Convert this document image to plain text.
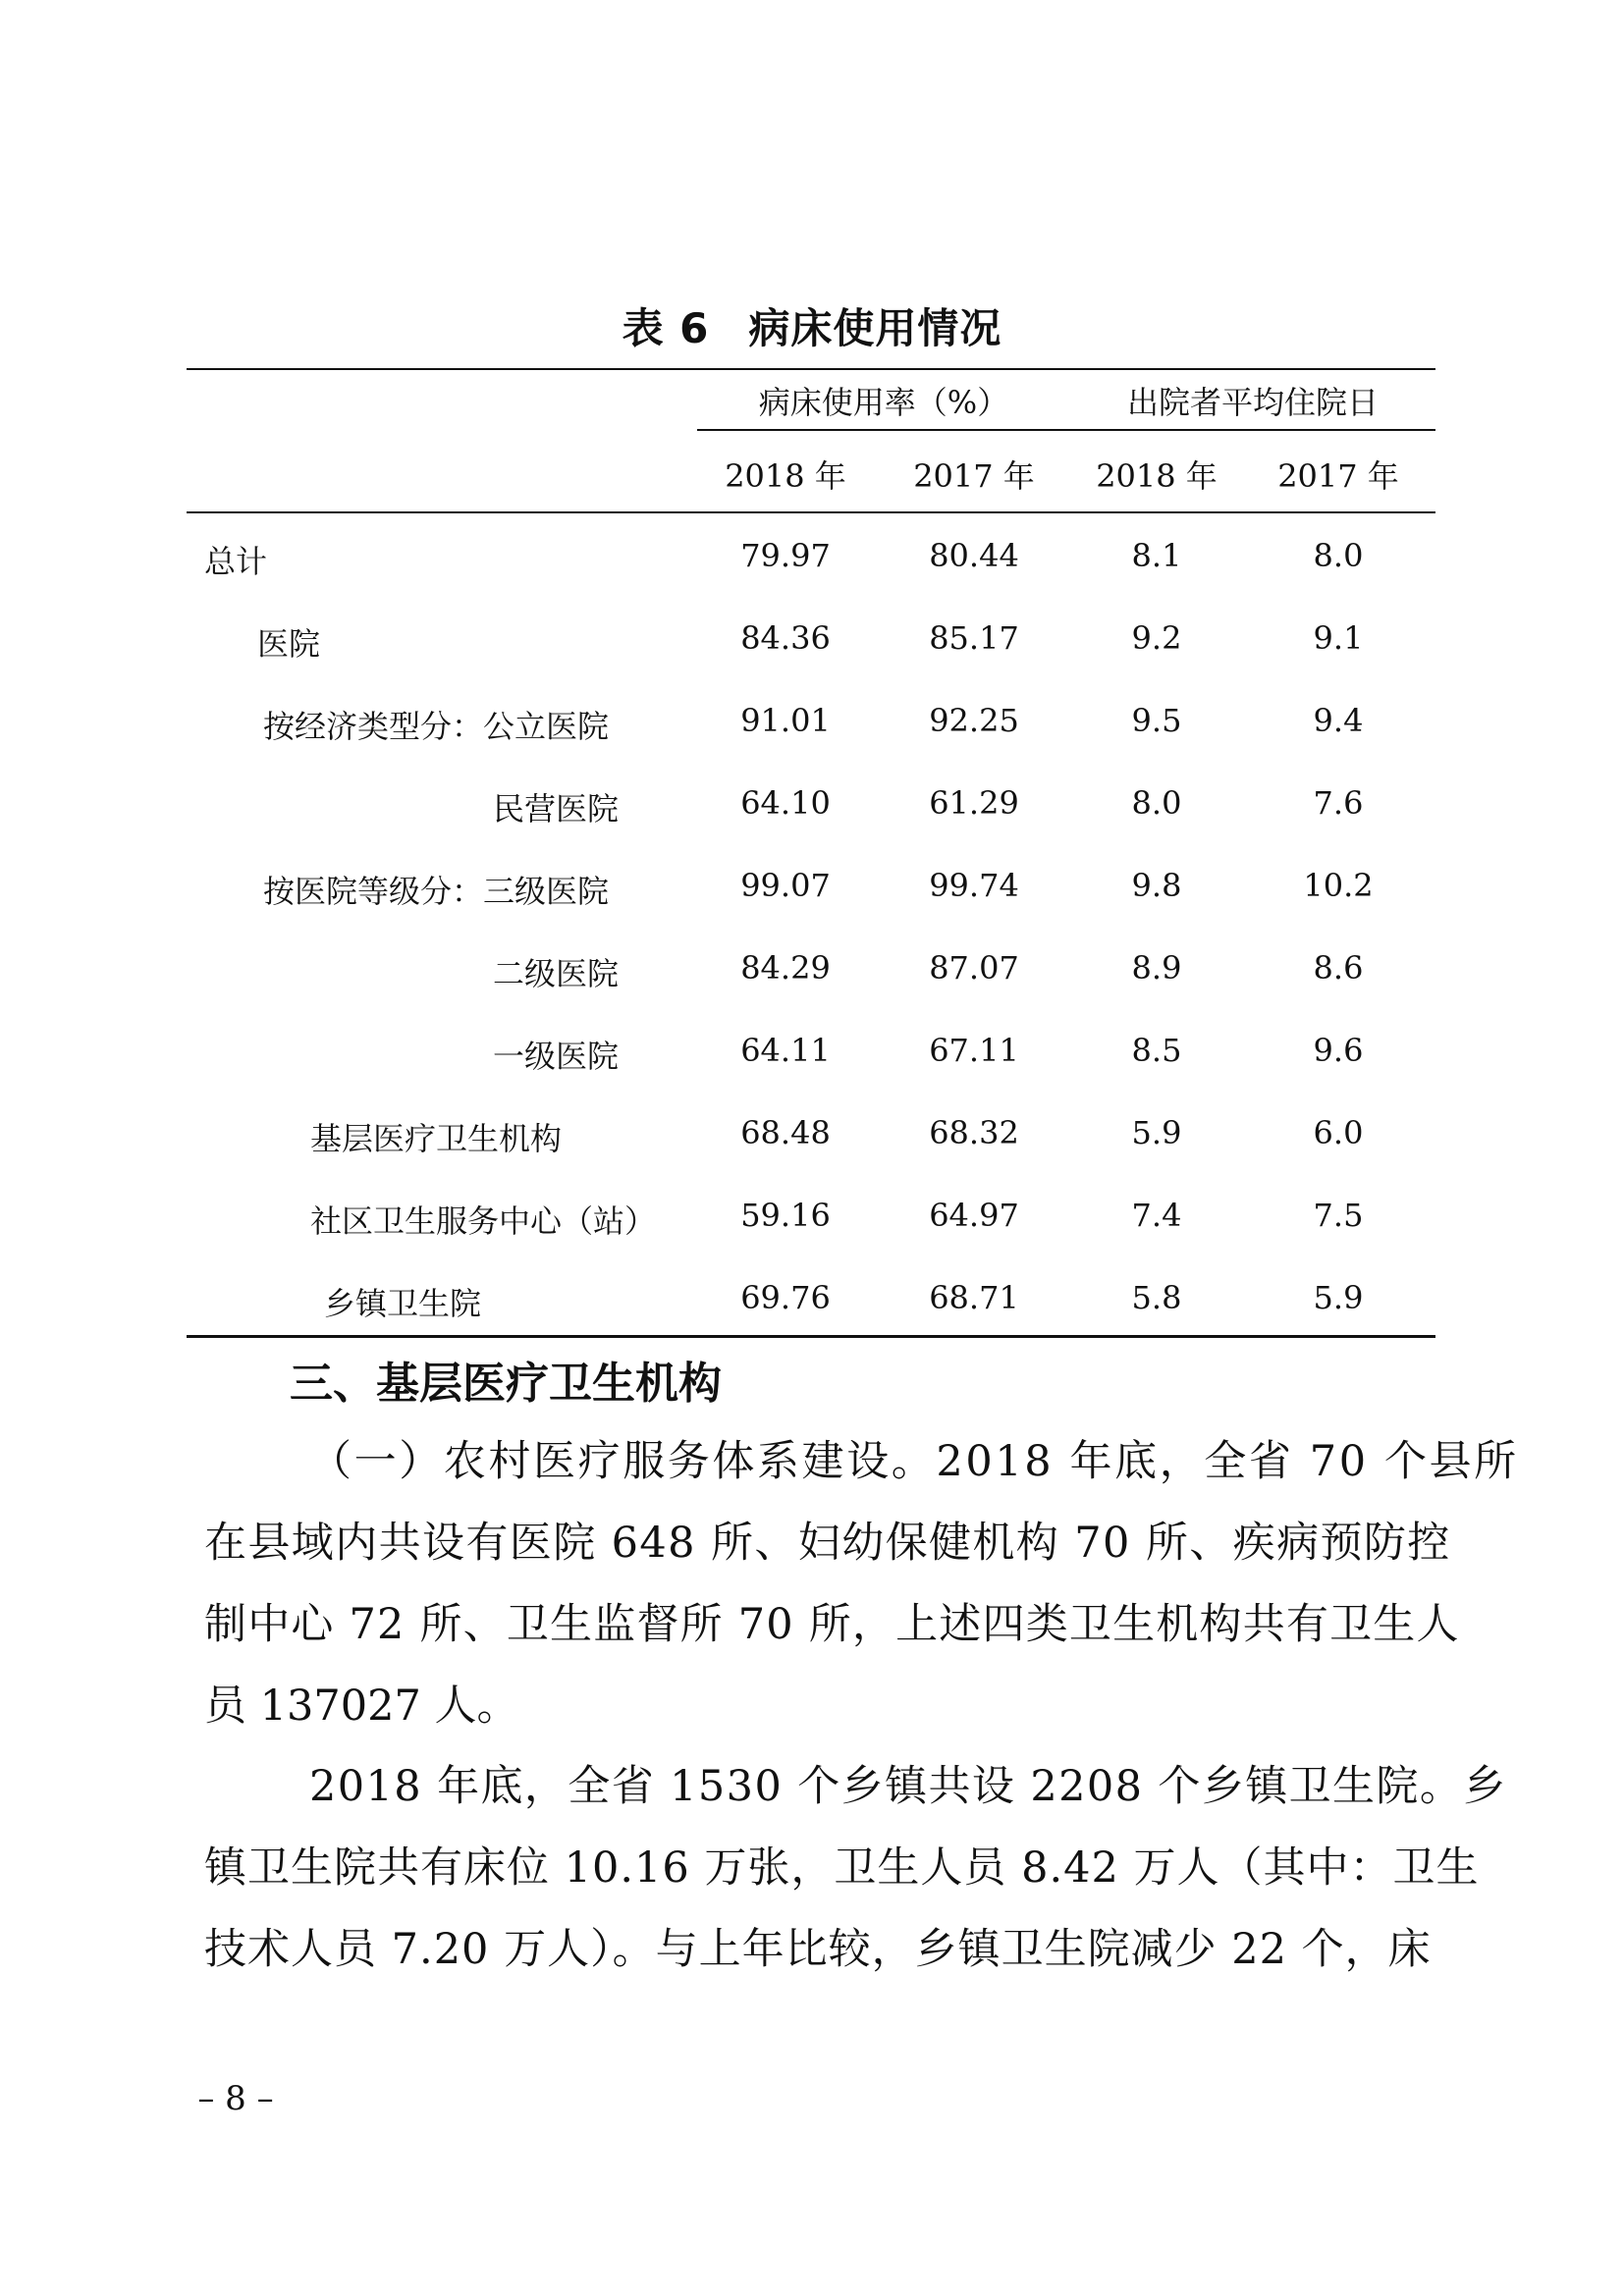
表 6 病床使用情况
病床使用率（%）	出院者平均住院日
2018 年	2017 年	2018 年	2017 年
总计	79.97	80.44	8.1	8.0
医院	84.36	85.17	9.2	9.1
按经济类型分：公立医院	91.01	92.25	9.5	9.4
民营医院	64.10	61.29	8.0	7.6
按医院等级分：三级医院	99.07	99.74	9.8	10.2
二级医院	84.29	87.07	8.9	8.6
一级医院	64.11	67.11	8.5	9.6
基层医疗卫生机构	68.48	68.32	5.9	6.0
社区卫生服务中心（站）	59.16	64.97	7.4	7.5
乡镇卫生院	69.76	68.71	5.8	5.9
三、基层医疗卫生机构
（一）农村医疗服务体系建设。2018 年底，全省 70 个县所
在县域内共设有医院 648 所、妇幼保健机构 70 所、疾病预防控
制中心 72 所、卫生监督所 70 所，上述四类卫生机构共有卫生人
员 137027 人。
2018 年底，全省 1530 个乡镇共设 2208 个乡镇卫生院。乡
镇卫生院共有床位 10.16 万张，卫生人员 8.42 万人（其中：卫生
技术人员 7.20 万人）。与上年比较，乡镇卫生院减少 22 个，床
– 8 –
